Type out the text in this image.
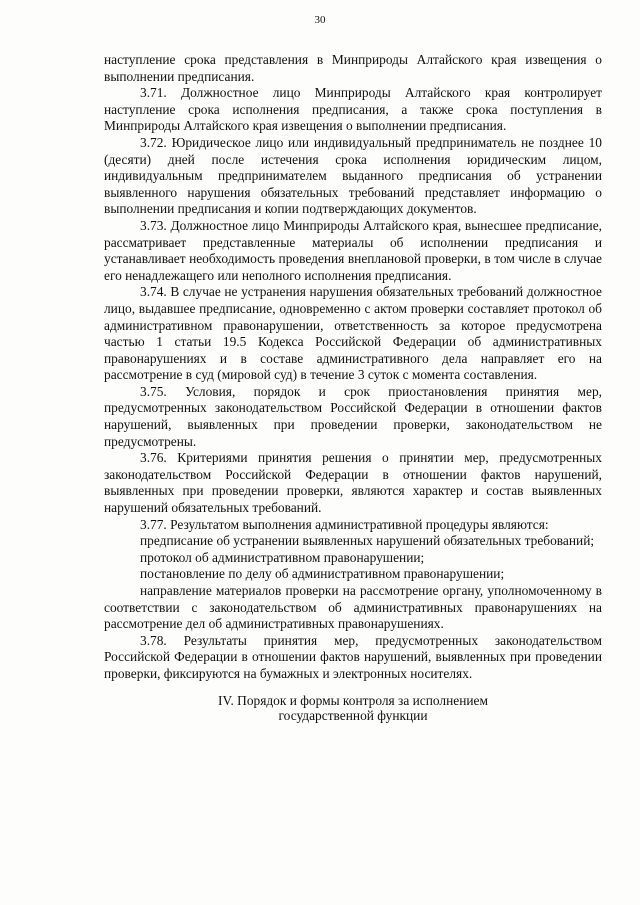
30

наступление срока представления в Минприроды Алтайского края извещения о выполнении предписания.

3.71. Должностное лицо Минприроды Алтайского края контролирует наступление срока исполнения предписания, а также срока поступления в Минприроды Алтайского края извещения о выполнении предписания.

3.72. Юридическое лицо или индивидуальный предприниматель не позднее 10 (десяти) дней после истечения срока исполнения юридическим лицом, индивидуальным предпринимателем выданного предписания об устранении выявленного нарушения обязательных требований представляет информацию о выполнении предписания и копии подтверждающих документов.

3.73. Должностное лицо Минприроды Алтайского края, вынесшее предписание, рассматривает представленные материалы об исполнении предписания и устанавливает необходимость проведения внеплановой проверки, в том числе в случае его ненадлежащего или неполного исполнения предписания.

3.74. В случае не устранения нарушения обязательных требований должностное лицо, выдавшее предписание, одновременно с актом проверки составляет протокол об административном правонарушении, ответственность за которое предусмотрена частью 1 статьи 19.5 Кодекса Российской Федерации об административных правонарушениях и в составе административного дела направляет его на рассмотрение в суд (мировой суд) в течение 3 суток с момента составления.

3.75. Условия, порядок и срок приостановления принятия мер, предусмотренных законодательством Российской Федерации в отношении фактов нарушений, выявленных при проведении проверки, законодательством не предусмотрены.

3.76. Критериями принятия решения о принятии мер, предусмотренных законодательством Российской Федерации в отношении фактов нарушений, выявленных при проведении проверки, являются характер и состав выявленных нарушений обязательных требований.

3.77. Результатом выполнения административной процедуры являются:

предписание об устранении выявленных нарушений обязательных требований;

протокол об административном правонарушении;

постановление по делу об административном правонарушении;

направление материалов проверки на рассмотрение органу, уполномоченному в соответствии с законодательством об административных правонарушениях на рассмотрение дел об административных правонарушениях.

3.78. Результаты принятия мер, предусмотренных законодательством Российской Федерации в отношении фактов нарушений, выявленных при проведении проверки, фиксируются на бумажных и электронных носителях.

IV. Порядок и формы контроля за исполнением
государственной функции
